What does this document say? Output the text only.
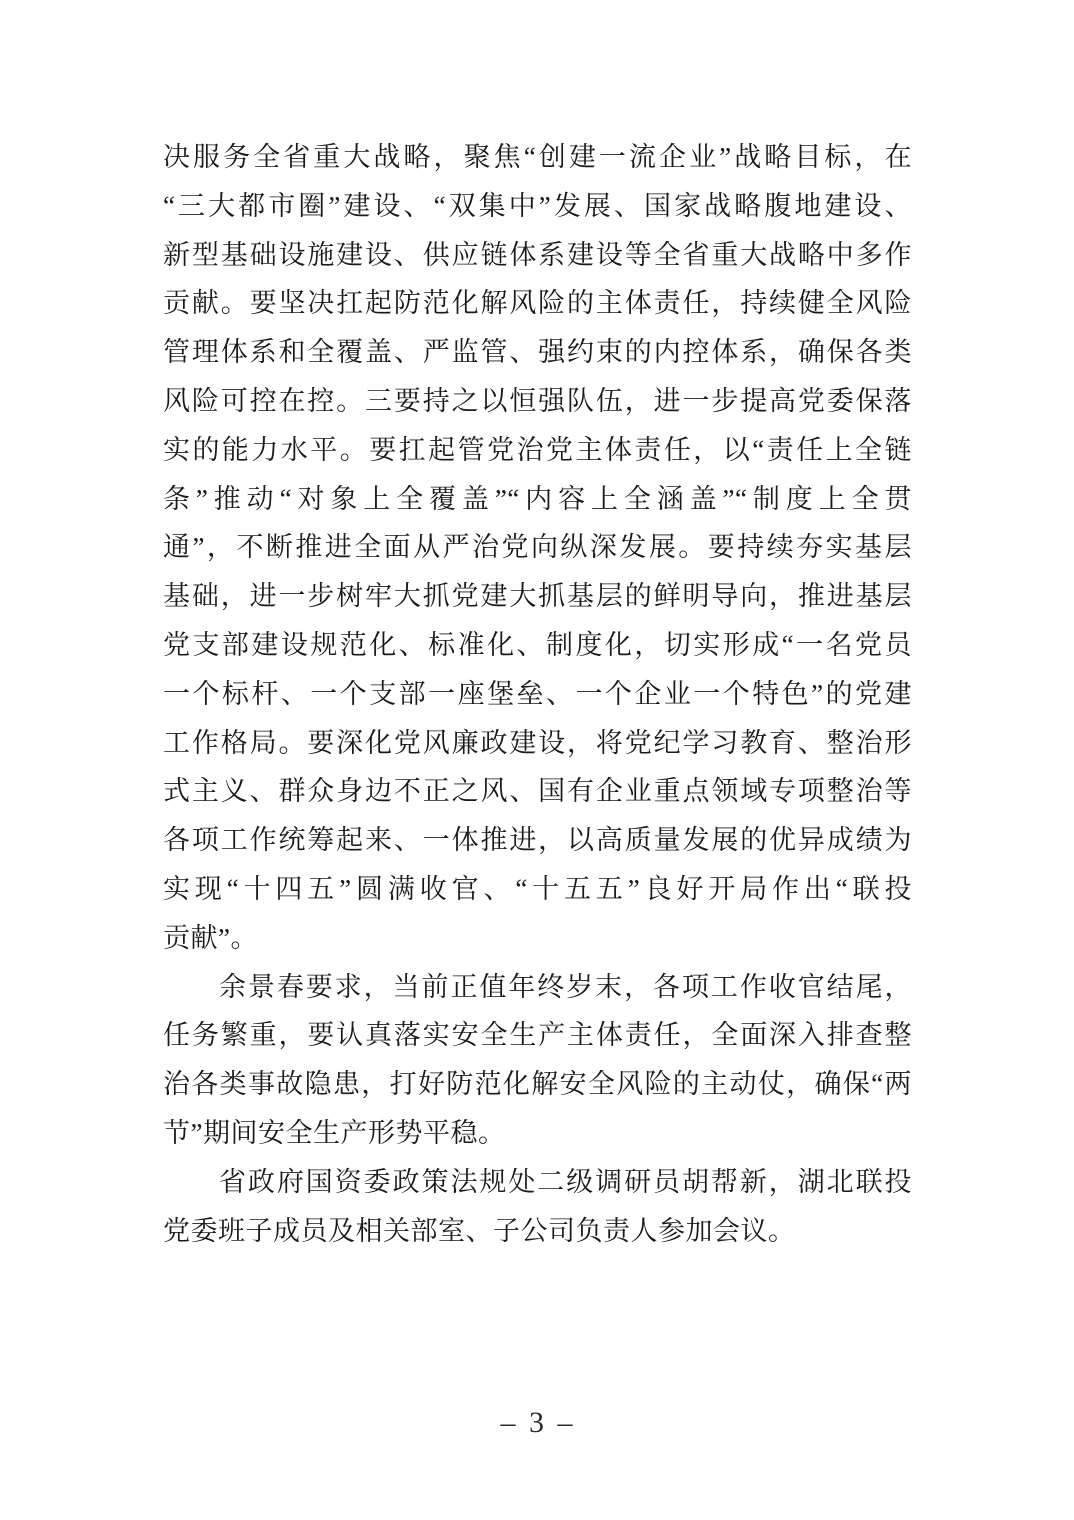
决服务全省重大战略，聚焦“创建一流企业”战略目标，在
“三大都市圈”建设、“双集中”发展、国家战略腹地建设、
新型基础设施建设、供应链体系建设等全省重大战略中多作
贡献。要坚决扛起防范化解风险的主体责任，持续健全风险
管理体系和全覆盖、严监管、强约束的内控体系，确保各类
风险可控在控。三要持之以恒强队伍，进一步提高党委保落
实的能力水平。要扛起管党治党主体责任，以“责任上全链
条”推动“对象上全覆盖”“内容上全涵盖”“制度上全贯
通”，不断推进全面从严治党向纵深发展。要持续夯实基层
基础，进一步树牢大抓党建大抓基层的鲜明导向，推进基层
党支部建设规范化、标准化、制度化，切实形成“一名党员
一个标杆、一个支部一座堡垒、一个企业一个特色”的党建
工作格局。要深化党风廉政建设，将党纪学习教育、整治形
式主义、群众身边不正之风、国有企业重点领域专项整治等
各项工作统筹起来、一体推进，以高质量发展的优异成绩为
实现“十四五”圆满收官、“十五五”良好开局作出“联投
贡献”。
余景春要求，当前正值年终岁末，各项工作收官结尾，
任务繁重，要认真落实安全生产主体责任，全面深入排查整
治各类事故隐患，打好防范化解安全风险的主动仗，确保“两
节”期间安全生产形势平稳。
省政府国资委政策法规处二级调研员胡帮新，湖北联投
党委班子成员及相关部室、子公司负责人参加会议。
– 3 –
